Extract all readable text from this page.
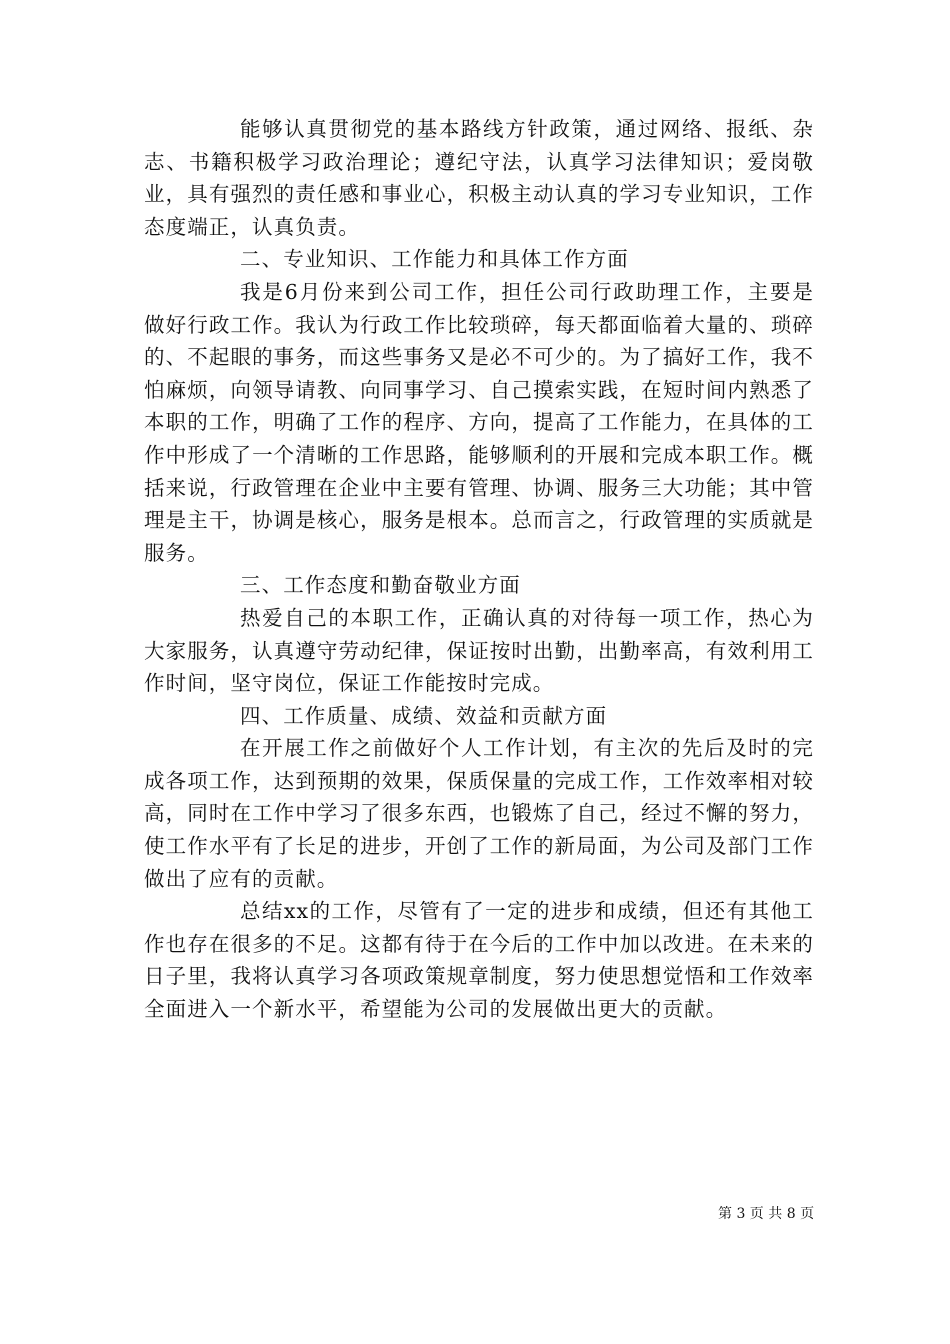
能够认真贯彻党的基本路线方针政策，通过网络、报纸、杂志、书籍积极学习政治理论；遵纪守法，认真学习法律知识；爱岗敬业，具有强烈的责任感和事业心，积极主动认真的学习专业知识，工作态度端正，认真负责。

二、专业知识、工作能力和具体工作方面

我是6月份来到公司工作，担任公司行政助理工作，主要是做好行政工作。我认为行政工作比较琐碎，每天都面临着大量的、琐碎的、不起眼的事务，而这些事务又是必不可少的。为了搞好工作，我不怕麻烦，向领导请教、向同事学习、自己摸索实践，在短时间内熟悉了本职的工作，明确了工作的程序、方向，提高了工作能力，在具体的工作中形成了一个清晰的工作思路，能够顺利的开展和完成本职工作。概括来说，行政管理在企业中主要有管理、协调、服务三大功能；其中管理是主干，协调是核心，服务是根本。总而言之，行政管理的实质就是服务。

三、工作态度和勤奋敬业方面

热爱自己的本职工作，正确认真的对待每一项工作，热心为大家服务，认真遵守劳动纪律，保证按时出勤，出勤率高，有效利用工作时间，坚守岗位，保证工作能按时完成。

四、工作质量、成绩、效益和贡献方面

在开展工作之前做好个人工作计划，有主次的先后及时的完成各项工作，达到预期的效果，保质保量的完成工作，工作效率相对较高，同时在工作中学习了很多东西，也锻炼了自己，经过不懈的努力，使工作水平有了长足的进步，开创了工作的新局面，为公司及部门工作做出了应有的贡献。

总结xx的工作，尽管有了一定的进步和成绩，但还有其他工作也存在很多的不足。这都有待于在今后的工作中加以改进。在未来的日子里，我将认真学习各项政策规章制度，努力使思想觉悟和工作效率全面进入一个新水平，希望能为公司的发展做出更大的贡献。

第 3 页 共 8 页
